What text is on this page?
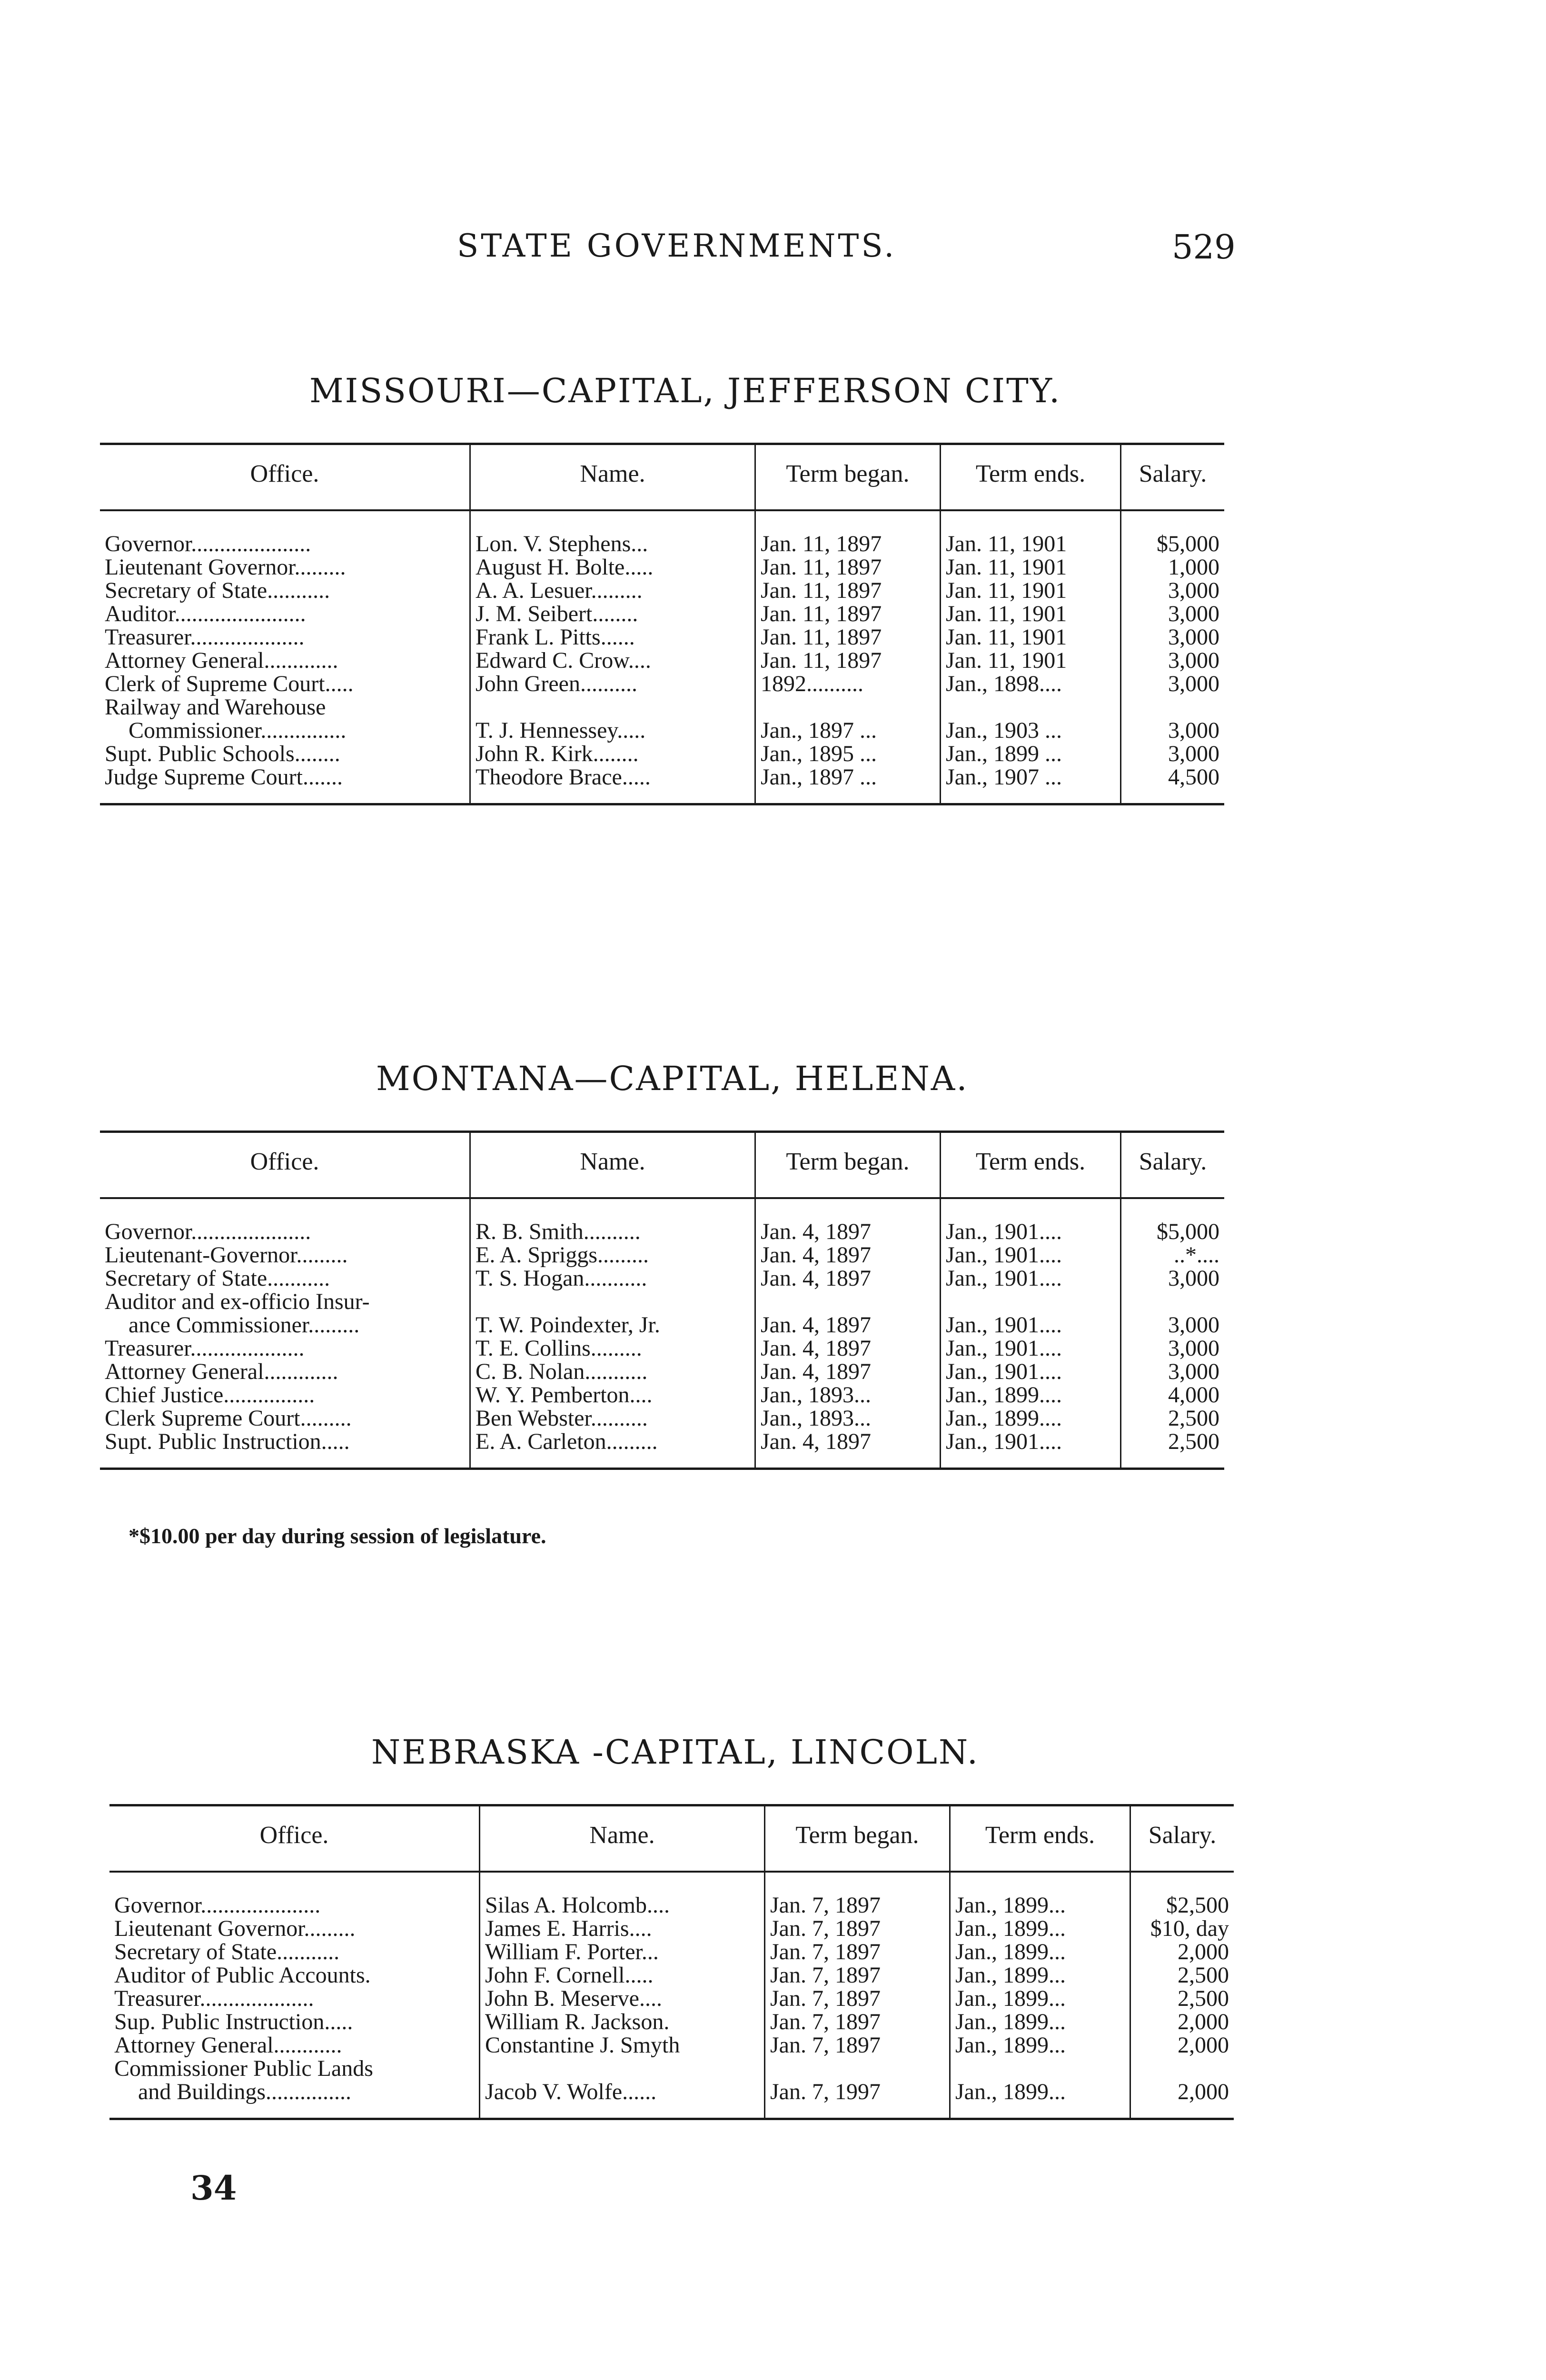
STATE GOVERNMENTS.	529
MISSOURI—CAPITAL, JEFFERSON CITY.
Office.	Name.	Term began.	Term ends.	Salary.

Governor.....................	Lon. V. Stephens...	Jan. 11, 1897	Jan. 11, 1901	$5,000
Lieutenant Governor.........	August H. Bolte.....	Jan. 11, 1897	Jan. 11, 1901	1,000
Secretary of State...........	A. A. Lesuer.........	Jan. 11, 1897	Jan. 11, 1901	3,000
Auditor.......................	J. M. Seibert........	Jan. 11, 1897	Jan. 11, 1901	3,000
Treasurer....................	Frank L. Pitts......	Jan. 11, 1897	Jan. 11, 1901	3,000
Attorney General.............	Edward C. Crow....	Jan. 11, 1897	Jan. 11, 1901	3,000
Clerk of Supreme Court.....	John Green..........	1892..........	Jan., 1898....	3,000
Railway and Warehouse				
Commissioner...............	T. J. Hennessey.....	Jan., 1897 ...	Jan., 1903 ...	3,000
Supt. Public Schools........	John R. Kirk........	Jan., 1895 ...	Jan., 1899 ...	3,000
Judge Supreme Court.......	Theodore Brace.....	Jan., 1897 ...	Jan., 1907 ...	4,500
MONTANA—CAPITAL, HELENA.
Office.	Name.	Term began.	Term ends.	Salary.

Governor.....................	R. B. Smith..........	Jan. 4, 1897	Jan., 1901....	$5,000
Lieutenant-Governor.........	E. A. Spriggs.........	Jan. 4, 1897	Jan., 1901....	..*....
Secretary of State...........	T. S. Hogan...........	Jan. 4, 1897	Jan., 1901....	3,000
Auditor and ex-officio Insur-				
ance Commissioner.........	T. W. Poindexter, Jr.	Jan. 4, 1897	Jan., 1901....	3,000
Treasurer....................	T. E. Collins.........	Jan. 4, 1897	Jan., 1901....	3,000
Attorney General.............	C. B. Nolan...........	Jan. 4, 1897	Jan., 1901....	3,000
Chief Justice................	W. Y. Pemberton....	Jan., 1893...	Jan., 1899....	4,000
Clerk Supreme Court.........	Ben Webster..........	Jan., 1893...	Jan., 1899....	2,500
Supt. Public Instruction.....	E. A. Carleton.........	Jan. 4, 1897	Jan., 1901....	2,500
*$10.00 per day during session of legislature.
NEBRASKA -CAPITAL, LINCOLN.
Office.	Name.	Term began.	Term ends.	Salary.

Governor.....................	Silas A. Holcomb....	Jan. 7, 1897	Jan., 1899...	$2,500
Lieutenant Governor.........	James E. Harris....	Jan. 7, 1897	Jan., 1899...	$10, day
Secretary of State...........	William F. Porter...	Jan. 7, 1897	Jan., 1899...	2,000
Auditor of Public Accounts.	John F. Cornell.....	Jan. 7, 1897	Jan., 1899...	2,500
Treasurer....................	John B. Meserve....	Jan. 7, 1897	Jan., 1899...	2,500
Sup. Public Instruction.....	William R. Jackson.	Jan. 7, 1897	Jan., 1899...	2,000
Attorney General............	Constantine J. Smyth	Jan. 7, 1897	Jan., 1899...	2,000
Commissioner Public Lands				
and Buildings...............	Jacob V. Wolfe......	Jan. 7, 1997	Jan., 1899...	2,000
34
